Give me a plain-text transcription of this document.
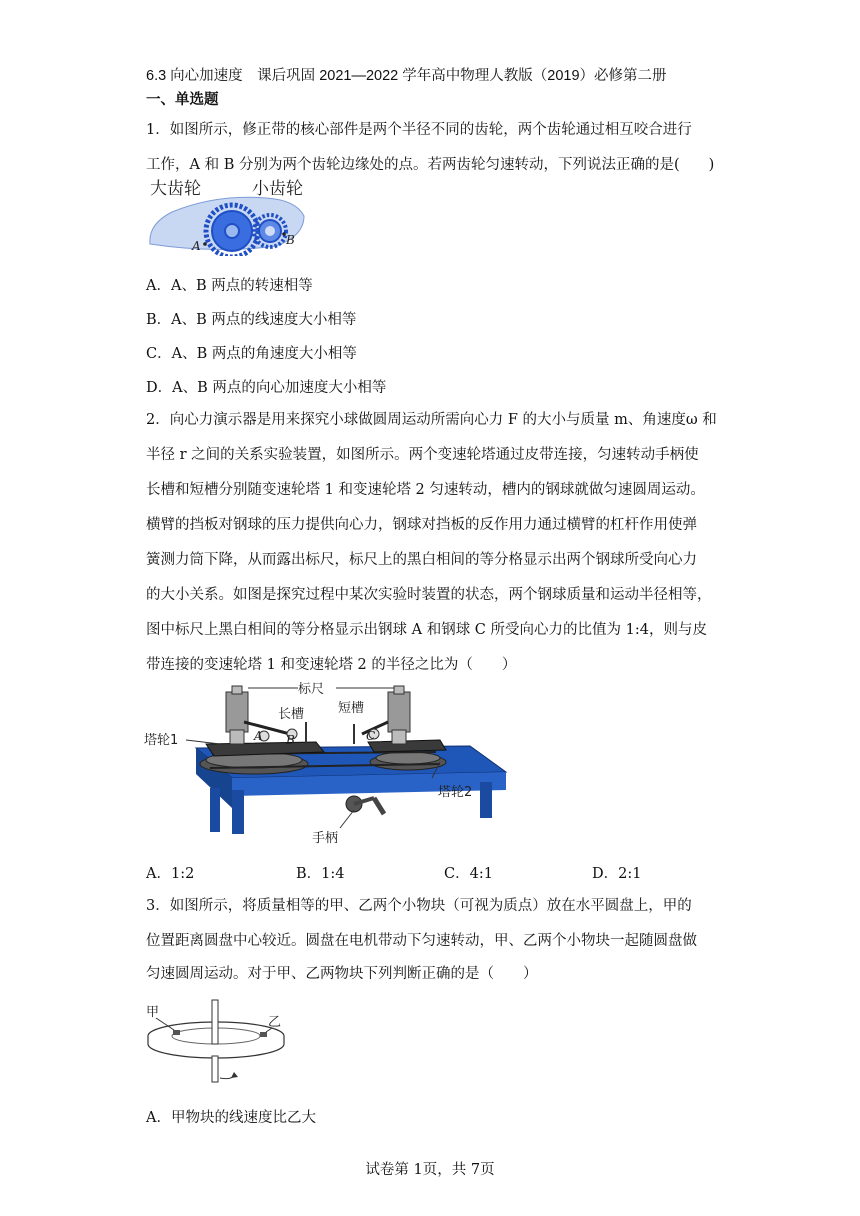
6.3 向心加速度　课后巩固 2021—2022 学年高中物理人教版（2019）必修第二册
一、单选题
1．如图所示，修正带的核心部件是两个半径不同的齿轮，两个齿轮通过相互咬合进行
工作，A 和 B 分别为两个齿轮边缘处的点。若两齿轮匀速转动，下列说法正确的是(　　)
大齿轮	小齿轮
A	B
A．A、B 两点的转速相等
B．A、B 两点的线速度大小相等
C．A、B 两点的角速度大小相等
D．A、B 两点的向心加速度大小相等
2．向心力演示器是用来探究小球做圆周运动所需向心力 F 的大小与质量 m、角速度ω 和
半径 r 之间的关系实验装置，如图所示。两个变速轮塔通过皮带连接，匀速转动手柄使
长槽和短槽分别随变速轮塔 1 和变速轮塔 2 匀速转动，槽内的钢球就做匀速圆周运动。
横臂的挡板对钢球的压力提供向心力，钢球对挡板的反作用力通过横臂的杠杆作用使弹
簧测力筒下降，从而露出标尺，标尺上的黑白相间的等分格显示出两个钢球所受向心力
的大小关系。如图是探究过程中某次实验时装置的状态，两个钢球质量和运动半径相等，
图中标尺上黑白相间的等分格显示出钢球 A 和钢球 C 所受向心力的比值为 1:4，则与皮
带连接的变速轮塔 1 和变速轮塔 2 的半径之比为（　　）
标尺
长槽	短槽
塔轮1
塔轮2
手柄
A B	C
A．1:2	B．1:4	C．4:1	D．2:1
3．如图所示，将质量相等的甲、乙两个小物块（可视为质点）放在水平圆盘上，甲的
位置距离圆盘中心较近。圆盘在电机带动下匀速转动，甲、乙两个小物块一起随圆盘做
匀速圆周运动。对于甲、乙两物块下列判断正确的是（　　）
甲
乙
A．甲物块的线速度比乙大
试卷第 1页，共 7页
